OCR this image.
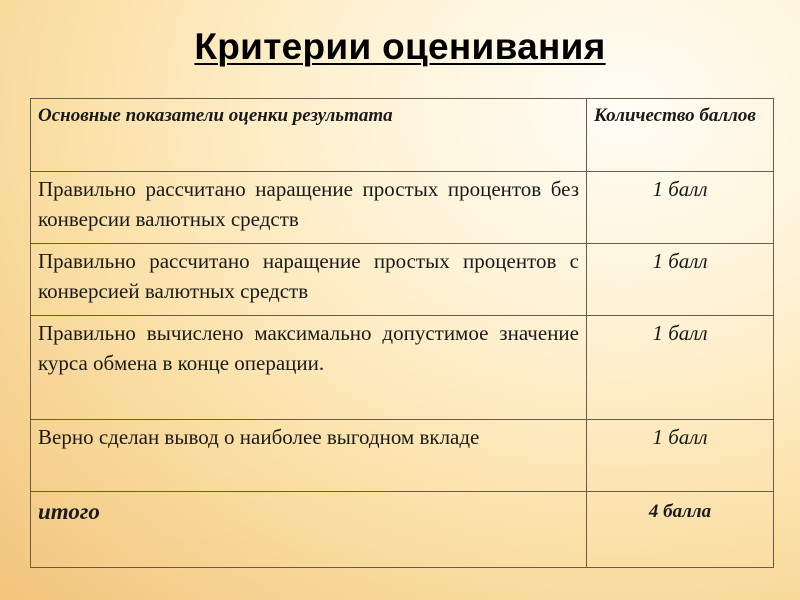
Критерии оценивания
Основные показатели оценки результата	Количество баллов
Правильно рассчитано наращение простых процентов без конверсии валютных средств	1 балл
Правильно рассчитано наращение простых процентов с конверсией валютных средств	1 балл
Правильно вычислено максимально допустимое значение курса обмена в конце операции.	1 балл
Верно сделан вывод о наиболее выгодном вкладе	1 балл
итого	4 балла
